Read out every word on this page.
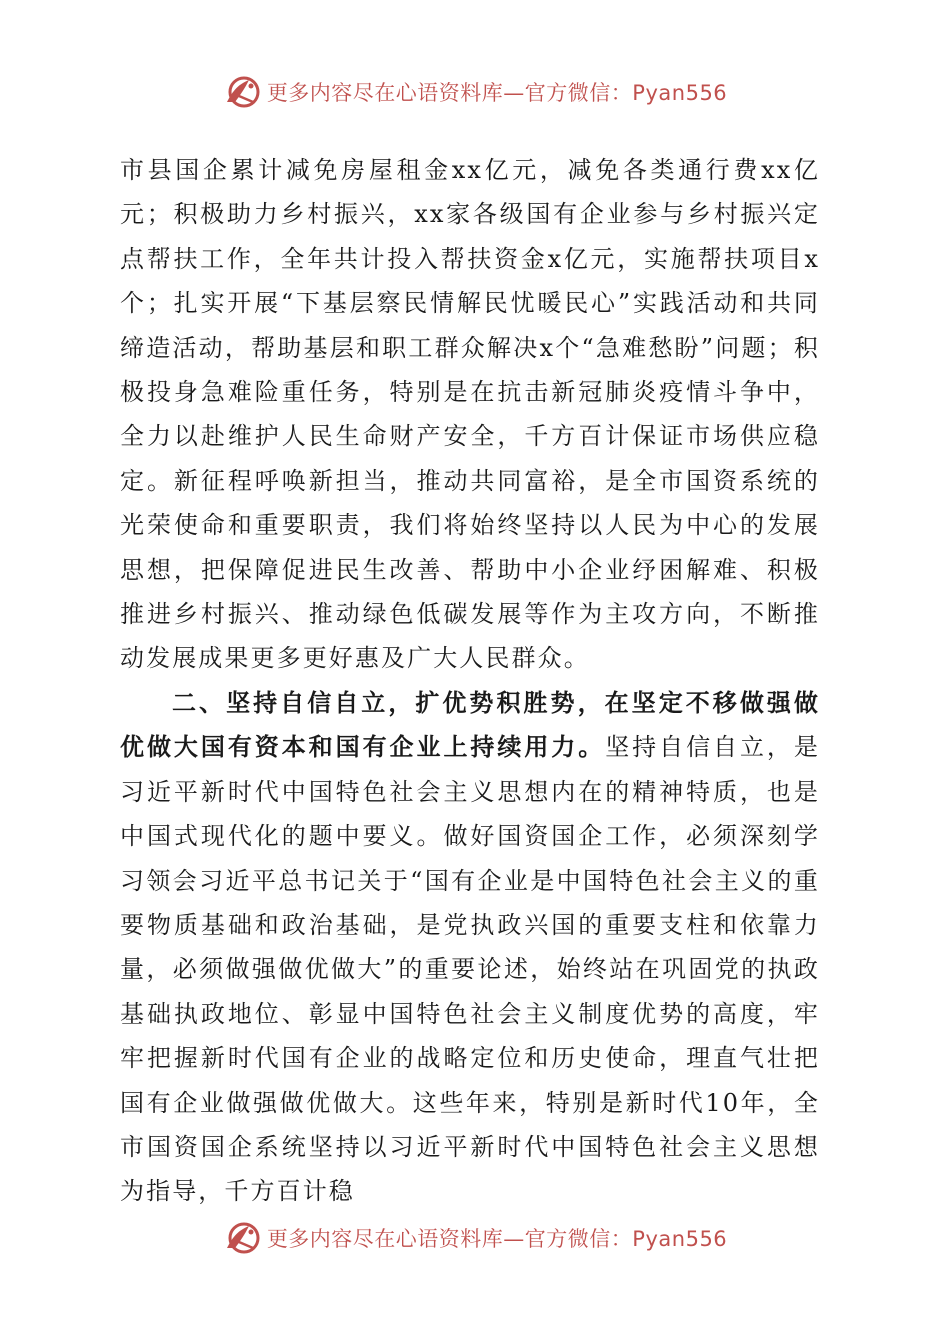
更多内容尽在心语资料库—官方微信：Pyan556

市县国企累计减免房屋租金xx亿元，减免各类通行费xx亿元；积极助力乡村振兴，xx家各级国有企业参与乡村振兴定点帮扶工作，全年共计投入帮扶资金x亿元，实施帮扶项目x个；扎实开展“下基层察民情解民忧暖民心”实践活动和共同缔造活动，帮助基层和职工群众解决x个“急难愁盼”问题；积极投身急难险重任务，特别是在抗击新冠肺炎疫情斗争中，全力以赴维护人民生命财产安全，千方百计保证市场供应稳定。新征程呼唤新担当，推动共同富裕，是全市国资系统的光荣使命和重要职责，我们将始终坚持以人民为中心的发展思想，把保障促进民生改善、帮助中小企业纾困解难、积极推进乡村振兴、推动绿色低碳发展等作为主攻方向，不断推动发展成果更多更好惠及广大人民群众。

二、坚持自信自立，扩优势积胜势，在坚定不移做强做优做大国有资本和国有企业上持续用力。坚持自信自立，是习近平新时代中国特色社会主义思想内在的精神特质，也是中国式现代化的题中要义。做好国资国企工作，必须深刻学习领会习近平总书记关于“国有企业是中国特色社会主义的重要物质基础和政治基础，是党执政兴国的重要支柱和依靠力量，必须做强做优做大”的重要论述，始终站在巩固党的执政基础执政地位、彰显中国特色社会主义制度优势的高度，牢牢把握新时代国有企业的战略定位和历史使命，理直气壮把国有企业做强做优做大。这些年来，特别是新时代10年，全市国资国企系统坚持以习近平新时代中国特色社会主义思想为指导，千方百计稳

更多内容尽在心语资料库—官方微信：Pyan556
